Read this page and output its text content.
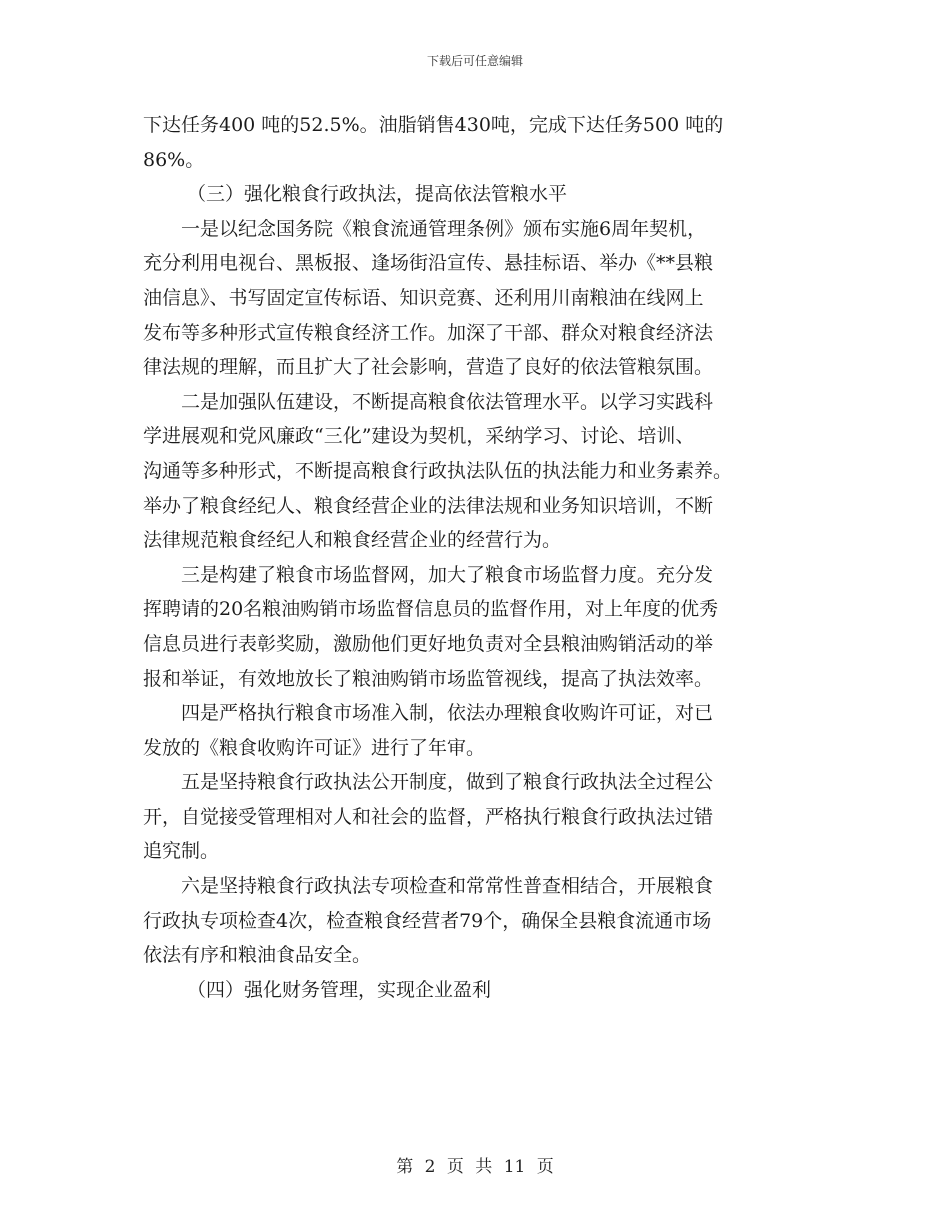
下载后可任意编辑
下达任务400 吨的52.5%。油脂销售430吨，完成下达任务500 吨的
86%。
（三）强化粮食行政执法，提高依法管粮水平
一是以纪念国务院《粮食流通管理条例》颁布实施6周年契机，
充分利用电视台、黑板报、逢场街沿宣传、悬挂标语、举办《**县粮
油信息》、书写固定宣传标语、知识竞赛、还利用川南粮油在线网上
发布等多种形式宣传粮食经济工作。加深了干部、群众对粮食经济法
律法规的理解，而且扩大了社会影响，营造了良好的依法管粮氛围。
二是加强队伍建设，不断提高粮食依法管理水平。以学习实践科
学进展观和党风廉政“三化”建设为契机，采纳学习、讨论、培训、
沟通等多种形式，不断提高粮食行政执法队伍的执法能力和业务素养。
举办了粮食经纪人、粮食经营企业的法律法规和业务知识培训，不断
法律规范粮食经纪人和粮食经营企业的经营行为。
三是构建了粮食市场监督网，加大了粮食市场监督力度。充分发
挥聘请的20名粮油购销市场监督信息员的监督作用，对上年度的优秀
信息员进行表彰奖励，激励他们更好地负责对全县粮油购销活动的举
报和举证，有效地放长了粮油购销市场监管视线，提高了执法效率。
四是严格执行粮食市场准入制，依法办理粮食收购许可证，对已
发放的《粮食收购许可证》进行了年审。
五是坚持粮食行政执法公开制度，做到了粮食行政执法全过程公
开，自觉接受管理相对人和社会的监督，严格执行粮食行政执法过错
追究制。
六是坚持粮食行政执法专项检查和常常性普查相结合，开展粮食
行政执专项检查4次，检查粮食经营者79个，确保全县粮食流通市场
依法有序和粮油食品安全。
（四）强化财务管理，实现企业盈利
第 2 页 共 11 页
